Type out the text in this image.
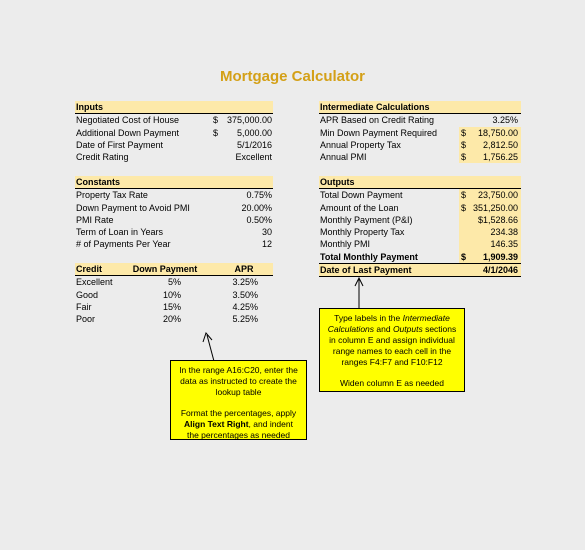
Mortgage Calculator
Inputs
Negotiated Cost of House	$ 375,000.00
Additional Down Payment	$ 5,000.00
Date of First Payment	5/1/2016
Credit Rating	Excellent
Constants
Property Tax Rate	0.75%
Down Payment to Avoid PMI	20.00%
PMI Rate	0.50%
Term of Loan in Years	30
# of Payments Per Year	12
Credit	Down Payment	APR
Excellent	5%	3.25%
Good	10%	3.50%
Fair	15%	4.25%
Poor	20%	5.25%
Intermediate Calculations
APR Based on Credit Rating	3.25%
Min Down Payment Required	$ 18,750.00
Annual Property Tax	$ 2,812.50
Annual PMI	$ 1,756.25
Outputs
Total Down Payment	$ 23,750.00
Amount of the Loan	$ 351,250.00
Monthly Payment (P&I)	$1,528.66
Monthly Property Tax	234.38
Monthly PMI	146.35
Total Monthly Payment	$ 1,909.39
Date of Last Payment	4/1/2046

In the range A16:C20, enter the data as instructed to create the lookup table

Format the percentages, apply Align Text Right, and indent the percentages as needed

Type labels in the Intermediate Calculations and Outputs sections in column E and assign individual range names to each cell in the ranges F4:F7 and F10:F12

Widen column E as needed
